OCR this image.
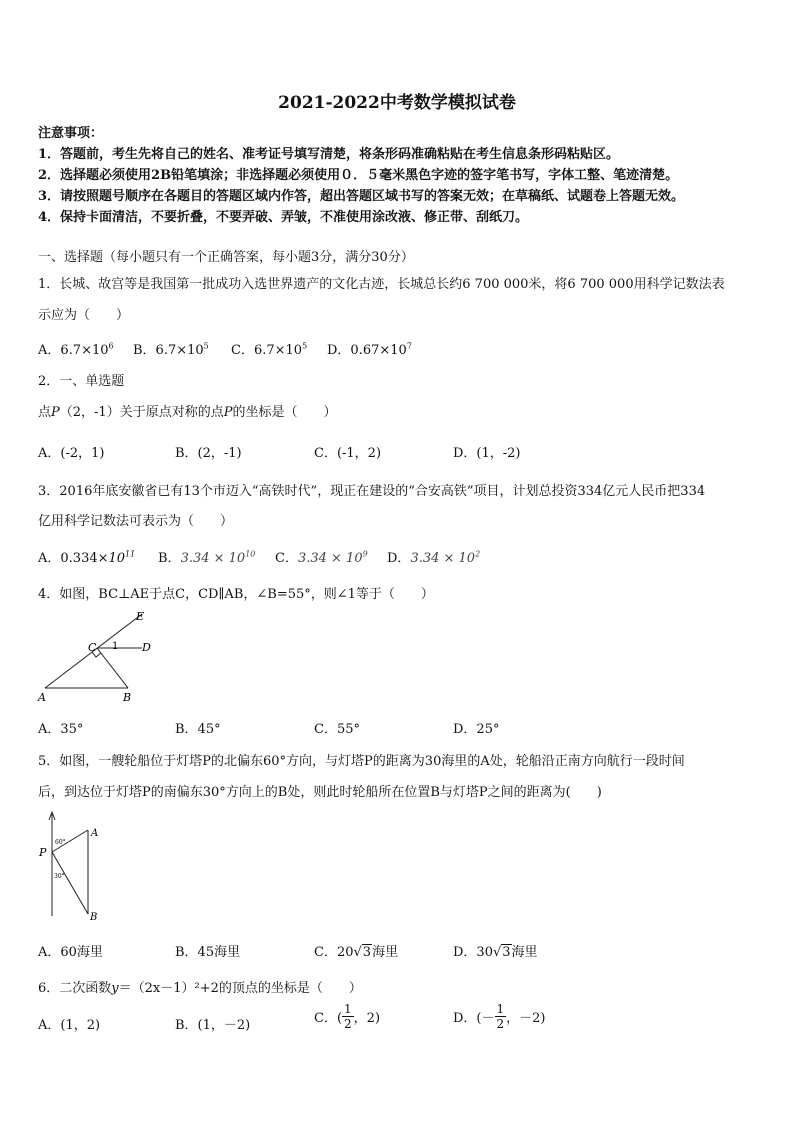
2021-2022中考数学模拟试卷
注意事项：
1．答题前，考生先将自己的姓名、准考证号填写清楚，将条形码准确粘贴在考生信息条形码粘贴区。
2．选择题必须使用2B铅笔填涂；非选择题必须使用０．５毫米黑色字迹的签字笔书写，字体工整、笔迹清楚。
3．请按照题号顺序在各题目的答题区域内作答，超出答题区域书写的答案无效；在草稿纸、试题卷上答题无效。
4．保持卡面清洁，不要折叠，不要弄破、弄皱，不准使用涂改液、修正带、刮纸刀。
一、选择题（每小题只有一个正确答案，每小题3分，满分30分）
1．长城、故宫等是我国第一批成功入选世界遗产的文化古迹，长城总长约6 700 000米，将6 700 000用科学记数法表
示应为（　　）
A．$6.7\times 10^6$ B．$6.7\times 10^5$ C．$6.7\times 10^5$ D．$0.67\times 10^7$
2．一、单选题
点P（2，-1）关于原点对称的点P的坐标是（　　）
A．(-2，1)	B．(2，-1)	C．(-1，2)	D．(1，-2)
3．2016年底安徽省已有13个市迈入“高铁时代”，现正在建设的“合安高铁”项目，计划总投资334亿元人民币把334
亿用科学记数法可表示为（　　）
A．$0.334\times 10^{11}$ B．$3.34 \times 10^{10}$ C．$3.34 \times 10^9$ D．$3.34 \times 10^2$
4．如图，BC⊥AE于点C，CD∥AB，∠B=55°，则∠1等于（　　）
E
C 1 D
A	B
A．35°	B．45°	C．55°	D．25°
5．如图，一艘轮船位于灯塔P的北偏东60°方向，与灯塔P的距离为30海里的A处，轮船沿正南方向航行一段时间
后，到达位于灯塔P的南偏东30°方向上的B处，则此时轮船所在位置B与灯塔P之间的距离为(　　)
P
A
B
60°
30°
A．60海里	B．45海里	C．20√3海里	D．30√3海里
6．二次函数y＝（2x－1）²+2的顶点的坐标是（　　）
A．(1，2)	B．(1，－2)	C．( $\frac{1}{2}$ ，2)	D．(－ $\frac{1}{2}$ ，－2)
